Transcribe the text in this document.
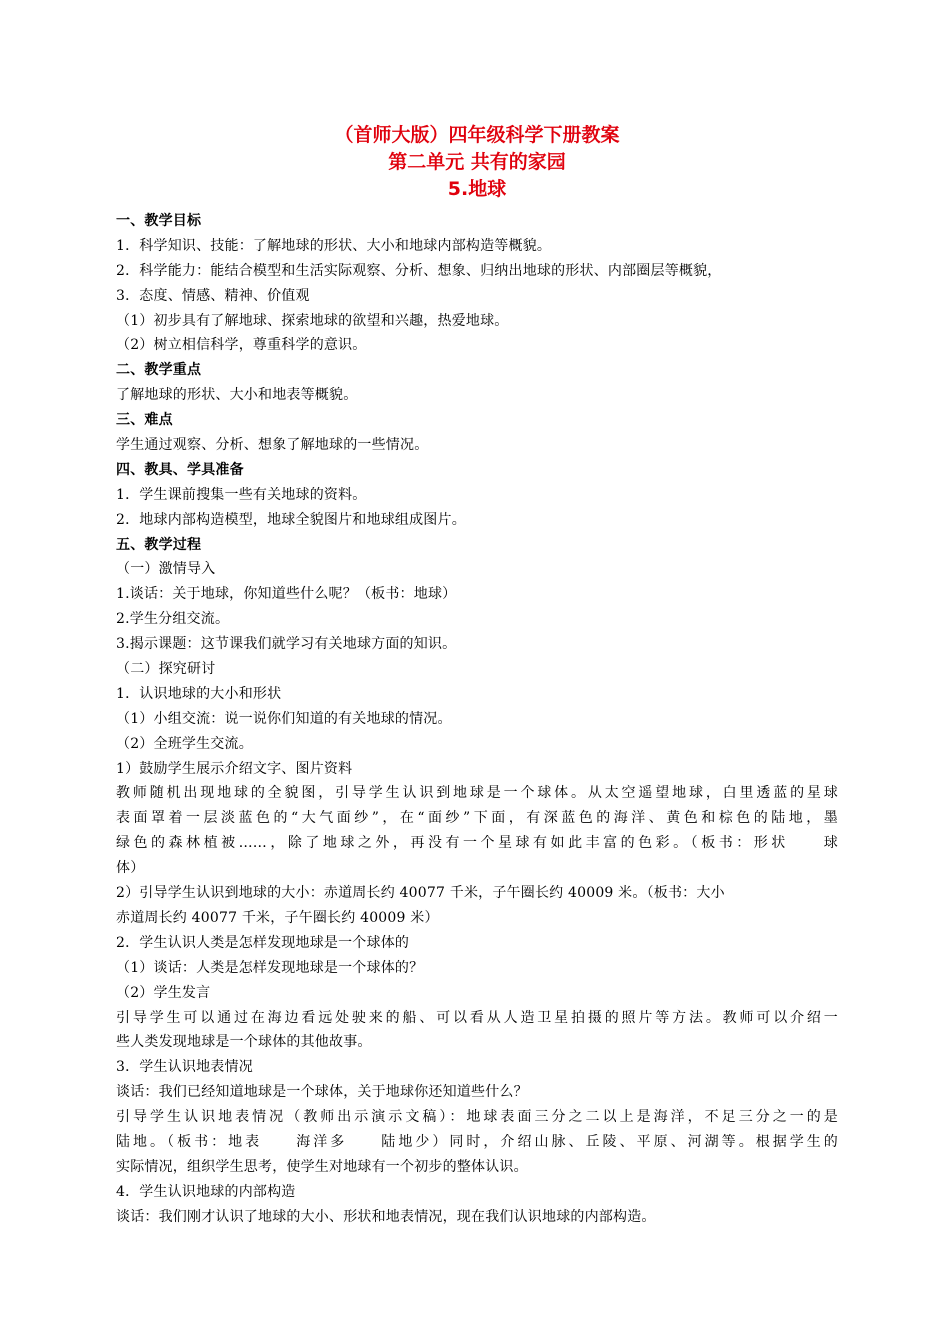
（首师大版）四年级科学下册教案
第二单元 共有的家园
5.地球
一、教学目标
1．科学知识、技能：了解地球的形状、大小和地球内部构造等概貌。
2．科学能力：能结合模型和生活实际观察、分析、想象、归纳出地球的形状、内部圈层等概貌，
3．态度、情感、精神、价值观
（1）初步具有了解地球、探索地球的欲望和兴趣，热爱地球。
（2）树立相信科学，尊重科学的意识。
二、教学重点
了解地球的形状、大小和地表等概貌。
三、难点
学生通过观察、分析、想象了解地球的一些情况。
四、教具、学具准备
1．学生课前搜集一些有关地球的资料。
2．地球内部构造模型，地球全貌图片和地球组成图片。
五、教学过程
（一）激情导入
1.谈话：关于地球，你知道些什么呢？（板书：地球）
2.学生分组交流。
3.揭示课题：这节课我们就学习有关地球方面的知识。
（二）探究研讨
1．认识地球的大小和形状
（1）小组交流：说一说你们知道的有关地球的情况。
（2）全班学生交流。
1）鼓励学生展示介绍文字、图片资料
教师随机出现地球的全貌图，引导学生认识到地球是一个球体。从太空遥望地球，白里透蓝的星球
表面罩着一层淡蓝色的“大气面纱”，在“面纱”下面，有深蓝色的海洋、黄色和棕色的陆地，墨
绿色的森林植被……，除了地球之外，再没有一个星球有如此丰富的色彩。（板书：形状　　球
体）
2）引导学生认识到地球的大小：赤道周长约 40077 千米，子午圈长约 40009 米。（板书：大小
赤道周长约 40077 千米，子午圈长约 40009 米）
2．学生认识人类是怎样发现地球是一个球体的
（1）谈话：人类是怎样发现地球是一个球体的？
（2）学生发言
引导学生可以通过在海边看远处驶来的船、可以看从人造卫星拍摄的照片等方法。教师可以介绍一
些人类发现地球是一个球体的其他故事。
3．学生认识地表情况
谈话：我们已经知道地球是一个球体，关于地球你还知道些什么？
引导学生认识地表情况（教师出示演示文稿）：地球表面三分之二以上是海洋，不足三分之一的是
陆地。（板书：地表　　海洋多　　陆地少）同时，介绍山脉、丘陵、平原、河湖等。根据学生的
实际情况，组织学生思考，使学生对地球有一个初步的整体认识。
4．学生认识地球的内部构造
谈话：我们刚才认识了地球的大小、形状和地表情况，现在我们认识地球的内部构造。
